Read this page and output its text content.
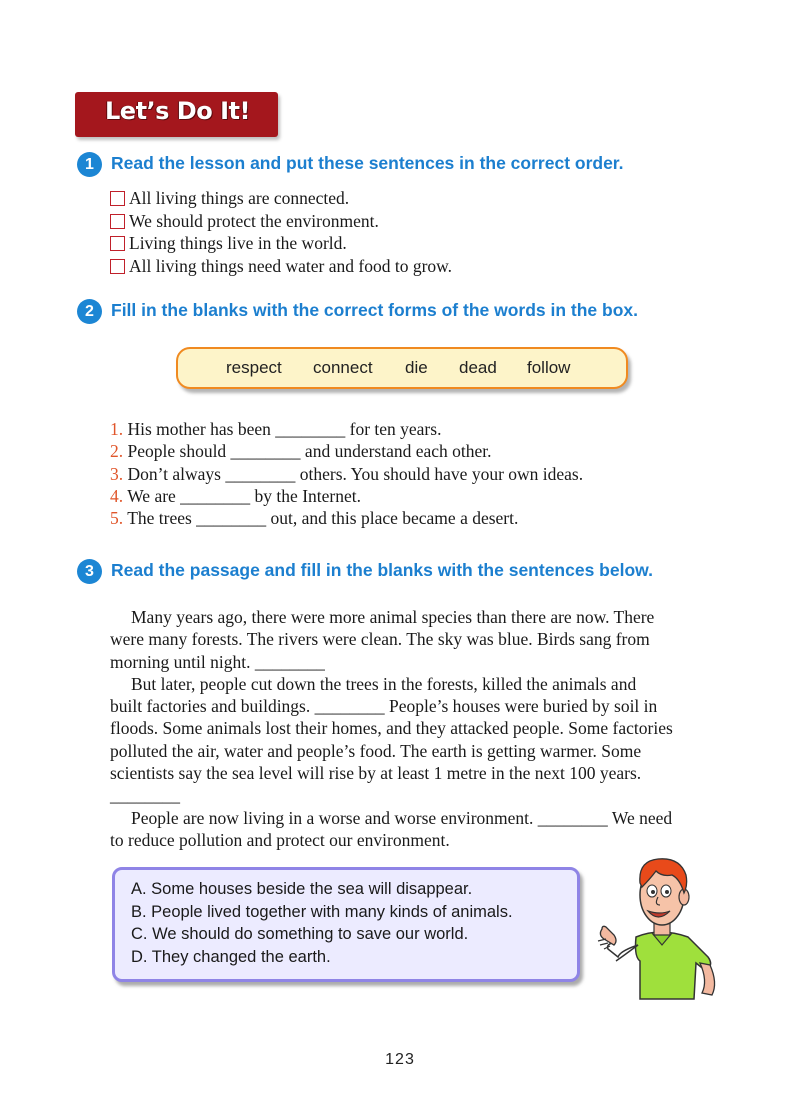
Let’s Do It!
1 Read the lesson and put these sentences in the correct order.
All living things are connected.
We should protect the environment.
Living things live in the world.
All living things need water and food to grow.
2 Fill in the blanks with the correct forms of the words in the box.
respect connect die dead follow
1. His mother has been ________ for ten years.
2. People should ________ and understand each other.
3. Don’t always ________ others. You should have your own ideas.
4. We are ________ by the Internet.
5. The trees ________ out, and this place became a desert.
3 Read the passage and fill in the blanks with the sentences below.
Many years ago, there were more animal species than there are now. There
were many forests. The rivers were clean. The sky was blue. Birds sang from
morning until night. ________
But later, people cut down the trees in the forests, killed the animals and
built factories and buildings. ________ People’s houses were buried by soil in
floods. Some animals lost their homes, and they attacked people. Some factories
polluted the air, water and people’s food. The earth is getting warmer. Some
scientists say the sea level will rise by at least 1 metre in the next 100 years.
________
People are now living in a worse and worse environment. ________ We need
to reduce pollution and protect our environment.
A. Some houses beside the sea will disappear.
B. People lived together with many kinds of animals.
C. We should do something to save our world.
D. They changed the earth.
123
